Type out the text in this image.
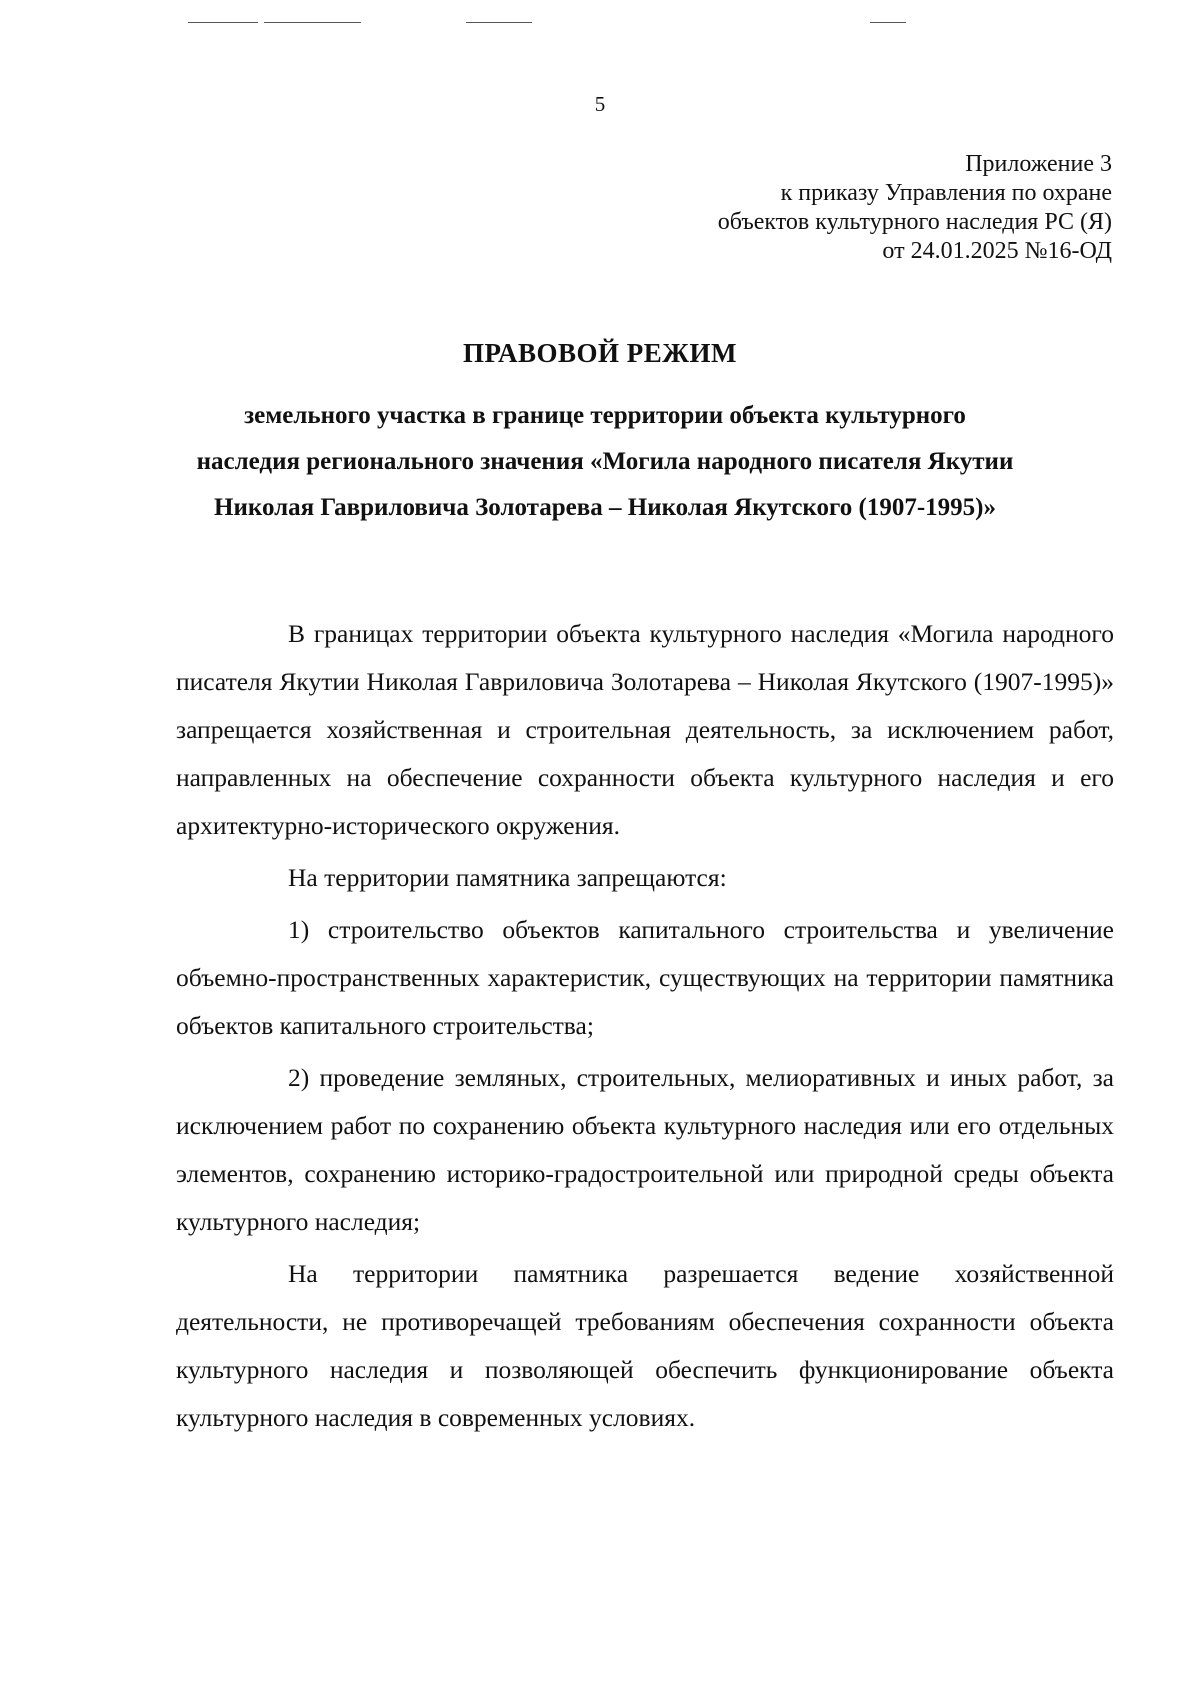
5
Приложение 3
к приказу Управления по охране
объектов культурного наследия РС (Я)
от 24.01.2025 №16-ОД
ПРАВОВОЙ РЕЖИМ
земельного участка в границе территории объекта культурного наследия регионального значения «Могила народного писателя Якутии Николая Гавриловича Золотарева – Николая Якутского (1907-1995)»

В границах территории объекта культурного наследия «Могила народного писателя Якутии Николая Гавриловича Золотарева – Николая Якутского (1907-1995)» запрещается хозяйственная и строительная деятельность, за исключением работ, направленных на обеспечение сохранности объекта культурного наследия и его архитектурно-исторического окружения.

На территории памятника запрещаются:

1) строительство объектов капитального строительства и увеличение объемно-пространственных характеристик, существующих на территории памятника объектов капитального строительства;

2) проведение земляных, строительных, мелиоративных и иных работ, за исключением работ по сохранению объекта культурного наследия или его отдельных элементов, сохранению историко-градостроительной или природной среды объекта культурного наследия;

На территории памятника разрешается ведение хозяйственной деятельности, не противоречащей требованиям обеспечения сохранности объекта культурного наследия и позволяющей обеспечить функционирование объекта культурного наследия в современных условиях.
